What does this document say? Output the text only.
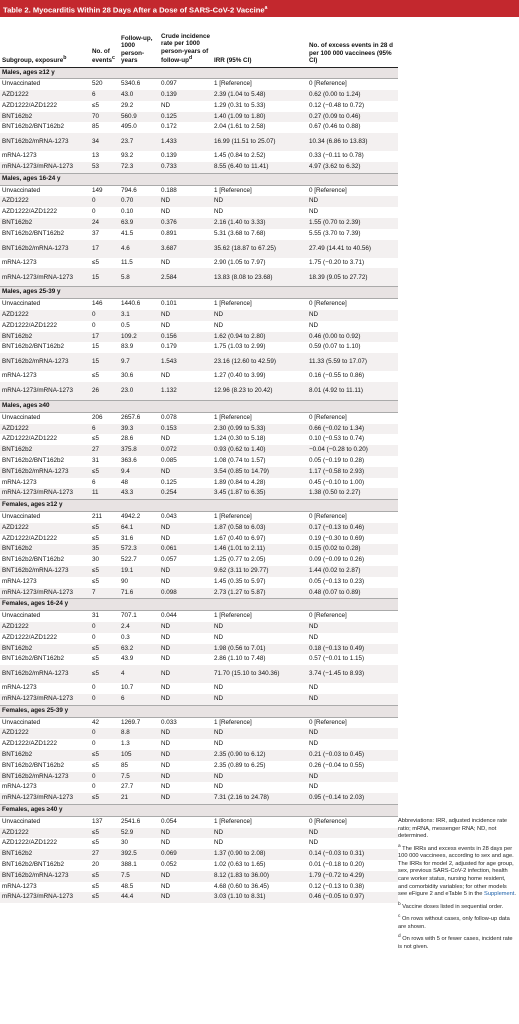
Table 2. Myocarditis Within 28 Days After a Dose of SARS-CoV-2 Vaccine$^a$
Subgroup, exposure$^b$	No. of events$^c$	Follow-up, 1000 person-years	Crude incidence rate per 1000 person-years of follow-$up^d$	IRR (95% CI)	No. of excess events in 28 d per 100 000 vaccinees (95% CI)
Males, ages ≥12 y					
Unvaccinated	520	5340.6	0.097	1 [Reference]	0 [Reference]
AZD1222	6	43.0	0.139	2.39 (1.04 to 5.48)	0.62 (0.00 to 1.24)
AZD1222/AZD1222	≤5	29.2	ND	1.29 (0.31 to 5.33)	0.12 (−0.48 to 0.72)
BNT162b2	70	560.9	0.125	1.40 (1.09 to 1.80)	0.27 (0.09 to 0.46)
BNT162b2/BNT162b2	85	495.0	0.172	2.04 (1.61 to 2.58)	0.67 (0.46 to 0.88)
BNT162b2/mRNA-1273	34	23.7	1.433	16.99 (11.51 to 25.07)	10.34 (6.86 to 13.83)
mRNA-1273	13	93.2	0.139	1.45 (0.84 to 2.52)	0.33 (−0.11 to 0.78)
mRNA-1273/mRNA-1273	53	72.3	0.733	8.55 (6.40 to 11.41)	4.97 (3.62 to 6.32)
Males, ages 16-24 y					
Unvaccinated	149	794.6	0.188	1 [Reference]	0 [Reference]
AZD1222	0	0.70	ND	ND	ND
AZD1222/AZD1222	0	0.10	ND	ND	ND
BNT162b2	24	63.9	0.376	2.16 (1.40 to 3.33)	1.55 (0.70 to 2.39)
BNT162b2/BNT162b2	37	41.5	0.891	5.31 (3.68 to 7.68)	5.55 (3.70 to 7.39)
BNT162b2/mRNA-1273	17	4.6	3.687	35.62 (18.87 to 67.25)	27.49 (14.41 to 40.56)
mRNA-1273	≤5	11.5	ND	2.90 (1.05 to 7.97)	1.75 (−0.20 to 3.71)
mRNA-1273/mRNA-1273	15	5.8	2.584	13.83 (8.08 to 23.68)	18.39 (9.05 to 27.72)
Males, ages 25-39 y					
Unvaccinated	146	1440.6	0.101	1 [Reference]	0 [Reference]
AZD1222	0	3.1	ND	ND	ND
AZD1222/AZD1222	0	0.5	ND	ND	ND
BNT162b2	17	109.2	0.156	1.62 (0.94 to 2.80)	0.46 (0.00 to 0.92)
BNT162b2/BNT162b2	15	83.9	0.179	1.75 (1.03 to 2.99)	0.59 (0.07 to 1.10)
BNT162b2/mRNA-1273	15	9.7	1.543	23.16 (12.60 to 42.59)	11.33 (5.59 to 17.07)
mRNA-1273	≤5	30.6	ND	1.27 (0.40 to 3.99)	0.16 (−0.55 to 0.86)
mRNA-1273/mRNA-1273	26	23.0	1.132	12.96 (8.23 to 20.42)	8.01 (4.92 to 11.11)
Males, ages ≥40					
Unvaccinated	206	2657.6	0.078	1 [Reference]	0 [Reference]
AZD1222	6	39.3	0.153	2.30 (0.99 to 5.33)	0.66 (−0.02 to 1.34)
AZD1222/AZD1222	≤5	28.6	ND	1.24 (0.30 to 5.18)	0.10 (−0.53 to 0.74)
BNT162b2	27	375.8	0.072	0.93 (0.62 to 1.40)	−0.04 (−0.28 to 0.20)
BNT162b2/BNT162b2	31	363.6	0.085	1.08 (0.74 to 1.57)	0.05 (−0.19 to 0.28)
BNT162b2/mRNA-1273	≤5	9.4	ND	3.54 (0.85 to 14.79)	1.17 (−0.58 to 2.93)
mRNA-1273	6	48	0.125	1.89 (0.84 to 4.28)	0.45 (−0.10 to 1.00)
mRNA-1273/mRNA-1273	11	43.3	0.254	3.45 (1.87 to 6.35)	1.38 (0.50 to 2.27)
Females, ages ≥12 y					
Unvaccinated	211	4942.2	0.043	1 [Reference]	0 [Reference]
AZD1222	≤5	64.1	ND	1.87 (0.58 to 6.03)	0.17 (−0.13 to 0.46)
AZD1222/AZD1222	≤5	31.6	ND	1.67 (0.40 to 6.97)	0.19 (−0.30 to 0.69)
BNT162b2	35	572.3	0.061	1.46 (1.01 to 2.11)	0.15 (0.02 to 0.28)
BNT162b2/BNT162b2	30	522.7	0.057	1.25 (0.77 to 2.05)	0.09 (−0.09 to 0.26)
BNT162b2/mRNA-1273	≤5	19.1	ND	9.62 (3.11 to 29.77)	1.44 (0.02 to 2.87)
mRNA-1273	≤5	90	ND	1.45 (0.35 to 5.97)	0.05 (−0.13 to 0.23)
mRNA-1273/mRNA-1273	7	71.6	0.098	2.73 (1.27 to 5.87)	0.48 (0.07 to 0.89)
Females, ages 16-24 y					
Unvaccinated	31	707.1	0.044	1 [Reference]	0 [Reference]
AZD1222	0	2.4	ND	ND	ND
AZD1222/AZD1222	0	0.3	ND	ND	ND
BNT162b2	≤5	63.2	ND	1.98 (0.56 to 7.01)	0.18 (−0.13 to 0.49)
BNT162b2/BNT162b2	≤5	43.9	ND	2.86 (1.10 to 7.48)	0.57 (−0.01 to 1.15)
BNT162b2/mRNA-1273	≤5	4	ND	71.70 (15.10 to 340.36)	3.74 (−1.45 to 8.93)
mRNA-1273	0	10.7	ND	ND	ND
mRNA-1273/mRNA-1273	0	6	ND	ND	ND
Females, ages 25-39 y					
Unvaccinated	42	1269.7	0.033	1 [Reference]	0 [Reference]
AZD1222	0	8.8	ND	ND	ND
AZD1222/AZD1222	0	1.3	ND	ND	ND
BNT162b2	≤5	105	ND	2.35 (0.90 to 6.12)	0.21 (−0.03 to 0.45)
BNT162b2/BNT162b2	≤5	85	ND	2.35 (0.89 to 6.25)	0.26 (−0.04 to 0.55)
BNT162b2/mRNA-1273	0	7.5	ND	ND	ND
mRNA-1273	0	27.7	ND	ND	ND
mRNA-1273/mRNA-1273	≤5	21	ND	7.31 (2.16 to 24.78)	0.95 (−0.14 to 2.03)
Females, ages ≥40 y					
Unvaccinated	137	2541.6	0.054	1 [Reference]	0 [Reference]
AZD1222	≤5	52.9	ND	ND	ND
AZD1222/AZD1222	≤5	30	ND	ND	ND
BNT162b2	27	392.5	0.069	1.37 (0.90 to 2.08)	0.14 (−0.03 to 0.31)
BNT162b2/BNT162b2	20	388.1	0.052	1.02 (0.63 to 1.65)	0.01 (−0.18 to 0.20)
BNT162b2/mRNA-1273	≤5	7.5	ND	8.12 (1.83 to 36.00)	1.79 (−0.72 to 4.29)
mRNA-1273	≤5	48.5	ND	4.68 (0.60 to 36.45)	0.12 (−0.13 to 0.38)
mRNA-1273/mRNA-1273	≤5	44.4	ND	3.03 (1.10 to 8.31)	0.46 (−0.05 to 0.97)

Abbreviations: IRR, adjusted incidence rate ratio; mRNA, messenger RNA; ND, not determined.

$^a$ The IRRs and excess events in 28 days per 100 000 vaccinees, according to sex and age. The IRRs for model 2, adjusted for age group, sex, previous SARS-CoV-2 infection, health care worker status, nursing home resident, and comorbidity variables; for other models see eFigure 2 and eTable 5 in the Supplement.

$^b$ Vaccine doses listed in sequential order.

$^c$ On rows without cases, only follow-up data are shown.

$^d$ On rows with 5 or fewer cases, incident rate is not given.
